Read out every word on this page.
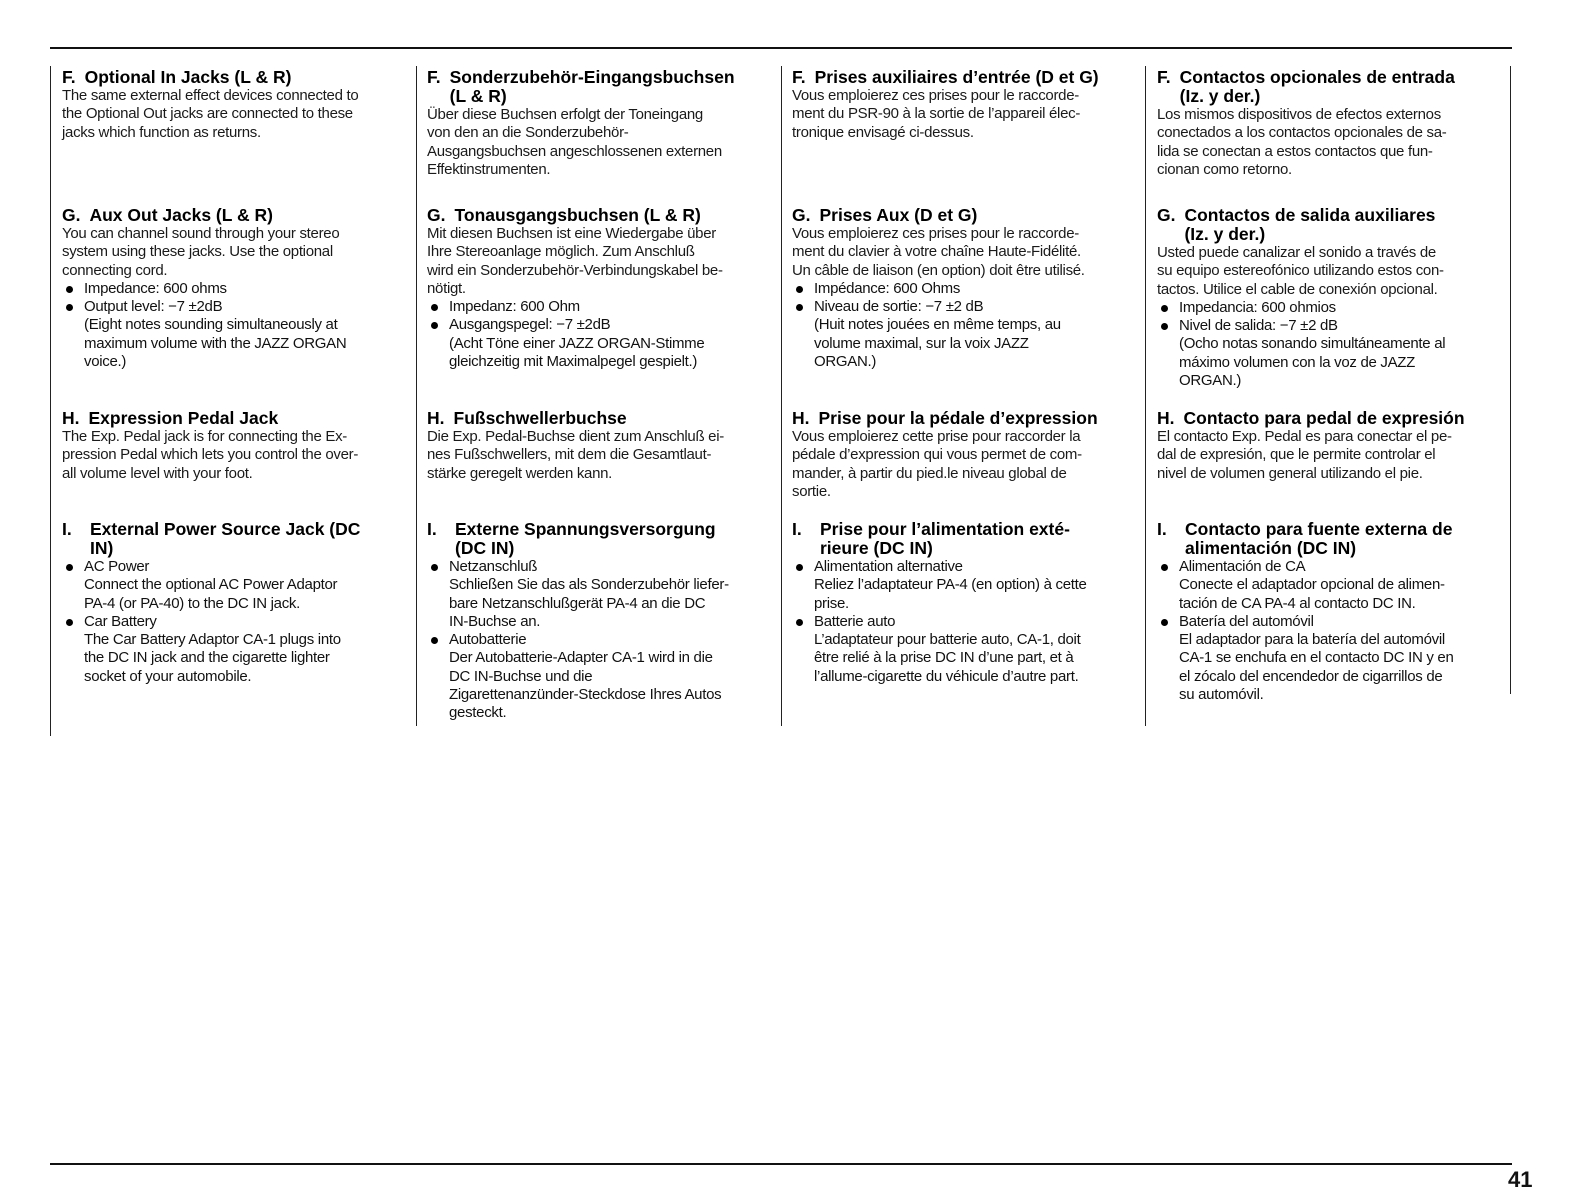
F. Optional In Jacks (L & R)
The same external effect devices connected to
the Optional Out jacks are connected to these
jacks which function as returns.
G. Aux Out Jacks (L & R)
You can channel sound through your stereo
system using these jacks. Use the optional
connecting cord.
Impedance: 600 ohms
Output level: −7 ±2dB
(Eight notes sounding simultaneously at
maximum volume with the JAZZ ORGAN
voice.)
H. Expression Pedal Jack
The Exp. Pedal jack is for connecting the Ex-
pression Pedal which lets you control the over-
all volume level with your foot.
I.	External Power Source Jack (DC
IN)
AC Power
Connect the optional AC Power Adaptor
PA-4 (or PA-40) to the DC IN jack.
Car Battery
The Car Battery Adaptor CA-1 plugs into
the DC IN jack and the cigarette lighter
socket of your automobile.
F. Sonderzubehör-Eingangsbuchsen
(L & R)
Über diese Buchsen erfolgt der Toneingang
von den an die Sonderzubehör-
Ausgangsbuchsen angeschlossenen externen
Effektinstrumenten.
G. Tonausgangsbuchsen (L & R)
Mit diesen Buchsen ist eine Wiedergabe über
Ihre Stereoanlage möglich. Zum Anschluß
wird ein Sonderzubehör-Verbindungskabel be-
nötigt.
Impedanz: 600 Ohm
Ausgangspegel: −7 ±2dB
(Acht Töne einer JAZZ ORGAN-Stimme
gleichzeitig mit Maximalpegel gespielt.)
H. Fußschwellerbuchse
Die Exp. Pedal-Buchse dient zum Anschluß ei-
nes Fußschwellers, mit dem die Gesamtlaut-
stärke geregelt werden kann.
I.	Externe Spannungsversorgung
(DC IN)
Netzanschluß
Schließen Sie das als Sonderzubehör liefer-
bare Netzanschlußgerät PA-4 an die DC
IN-Buchse an.
Autobatterie
Der Autobatterie-Adapter CA-1 wird in die
DC IN-Buchse und die
Zigarettenanzünder-Steckdose Ihres Autos
gesteckt.
F. Prises auxiliaires d’entrée (D et G)
Vous emploierez ces prises pour le raccorde-
ment du PSR-90 à la sortie de l’appareil élec-
tronique envisagé ci-dessus.
G. Prises Aux (D et G)
Vous emploierez ces prises pour le raccorde-
ment du clavier à votre chaîne Haute-Fidélité.
Un câble de liaison (en option) doit être utilisé.
Impédance: 600 Ohms
Niveau de sortie: −7 ±2 dB
(Huit notes jouées en même temps, au
volume maximal, sur la voix JAZZ
ORGAN.)
H. Prise pour la pédale d’expression
Vous emploierez cette prise pour raccorder la
pédale d’expression qui vous permet de com-
mander, à partir du pied.le niveau global de
sortie.
I.	Prise pour l’alimentation exté-
rieure (DC IN)
Alimentation alternative
Reliez l’adaptateur PA-4 (en option) à cette
prise.
Batterie auto
L’adaptateur pour batterie auto, CA-1, doit
être relié à la prise DC IN d’une part, et à
l’allume-cigarette du véhicule d’autre part.
F. Contactos opcionales de entrada
(Iz. y der.)
Los mismos dispositivos de efectos externos
conectados a los contactos opcionales de sa-
lida se conectan a estos contactos que fun-
cionan como retorno.
G. Contactos de salida auxiliares
(Iz. y der.)
Usted puede canalizar el sonido a través de
su equipo estereofónico utilizando estos con-
tactos. Utilice el cable de conexión opcional.
Impedancia: 600 ohmios
Nivel de salida: −7 ±2 dB
(Ocho notas sonando simultáneamente al
máximo volumen con la voz de JAZZ
ORGAN.)
H. Contacto para pedal de expresión
El contacto Exp. Pedal es para conectar el pe-
dal de expresión, que le permite controlar el
nivel de volumen general utilizando el pie.
I.	Contacto para fuente externa de
alimentación (DC IN)
Alimentación de CA
Conecte el adaptador opcional de alimen-
tación de CA PA-4 al contacto DC IN.
Batería del automóvil
El adaptador para la batería del automóvil
CA-1 se enchufa en el contacto DC IN y en
el zócalo del encendedor de cigarrillos de
su automóvil.
41
